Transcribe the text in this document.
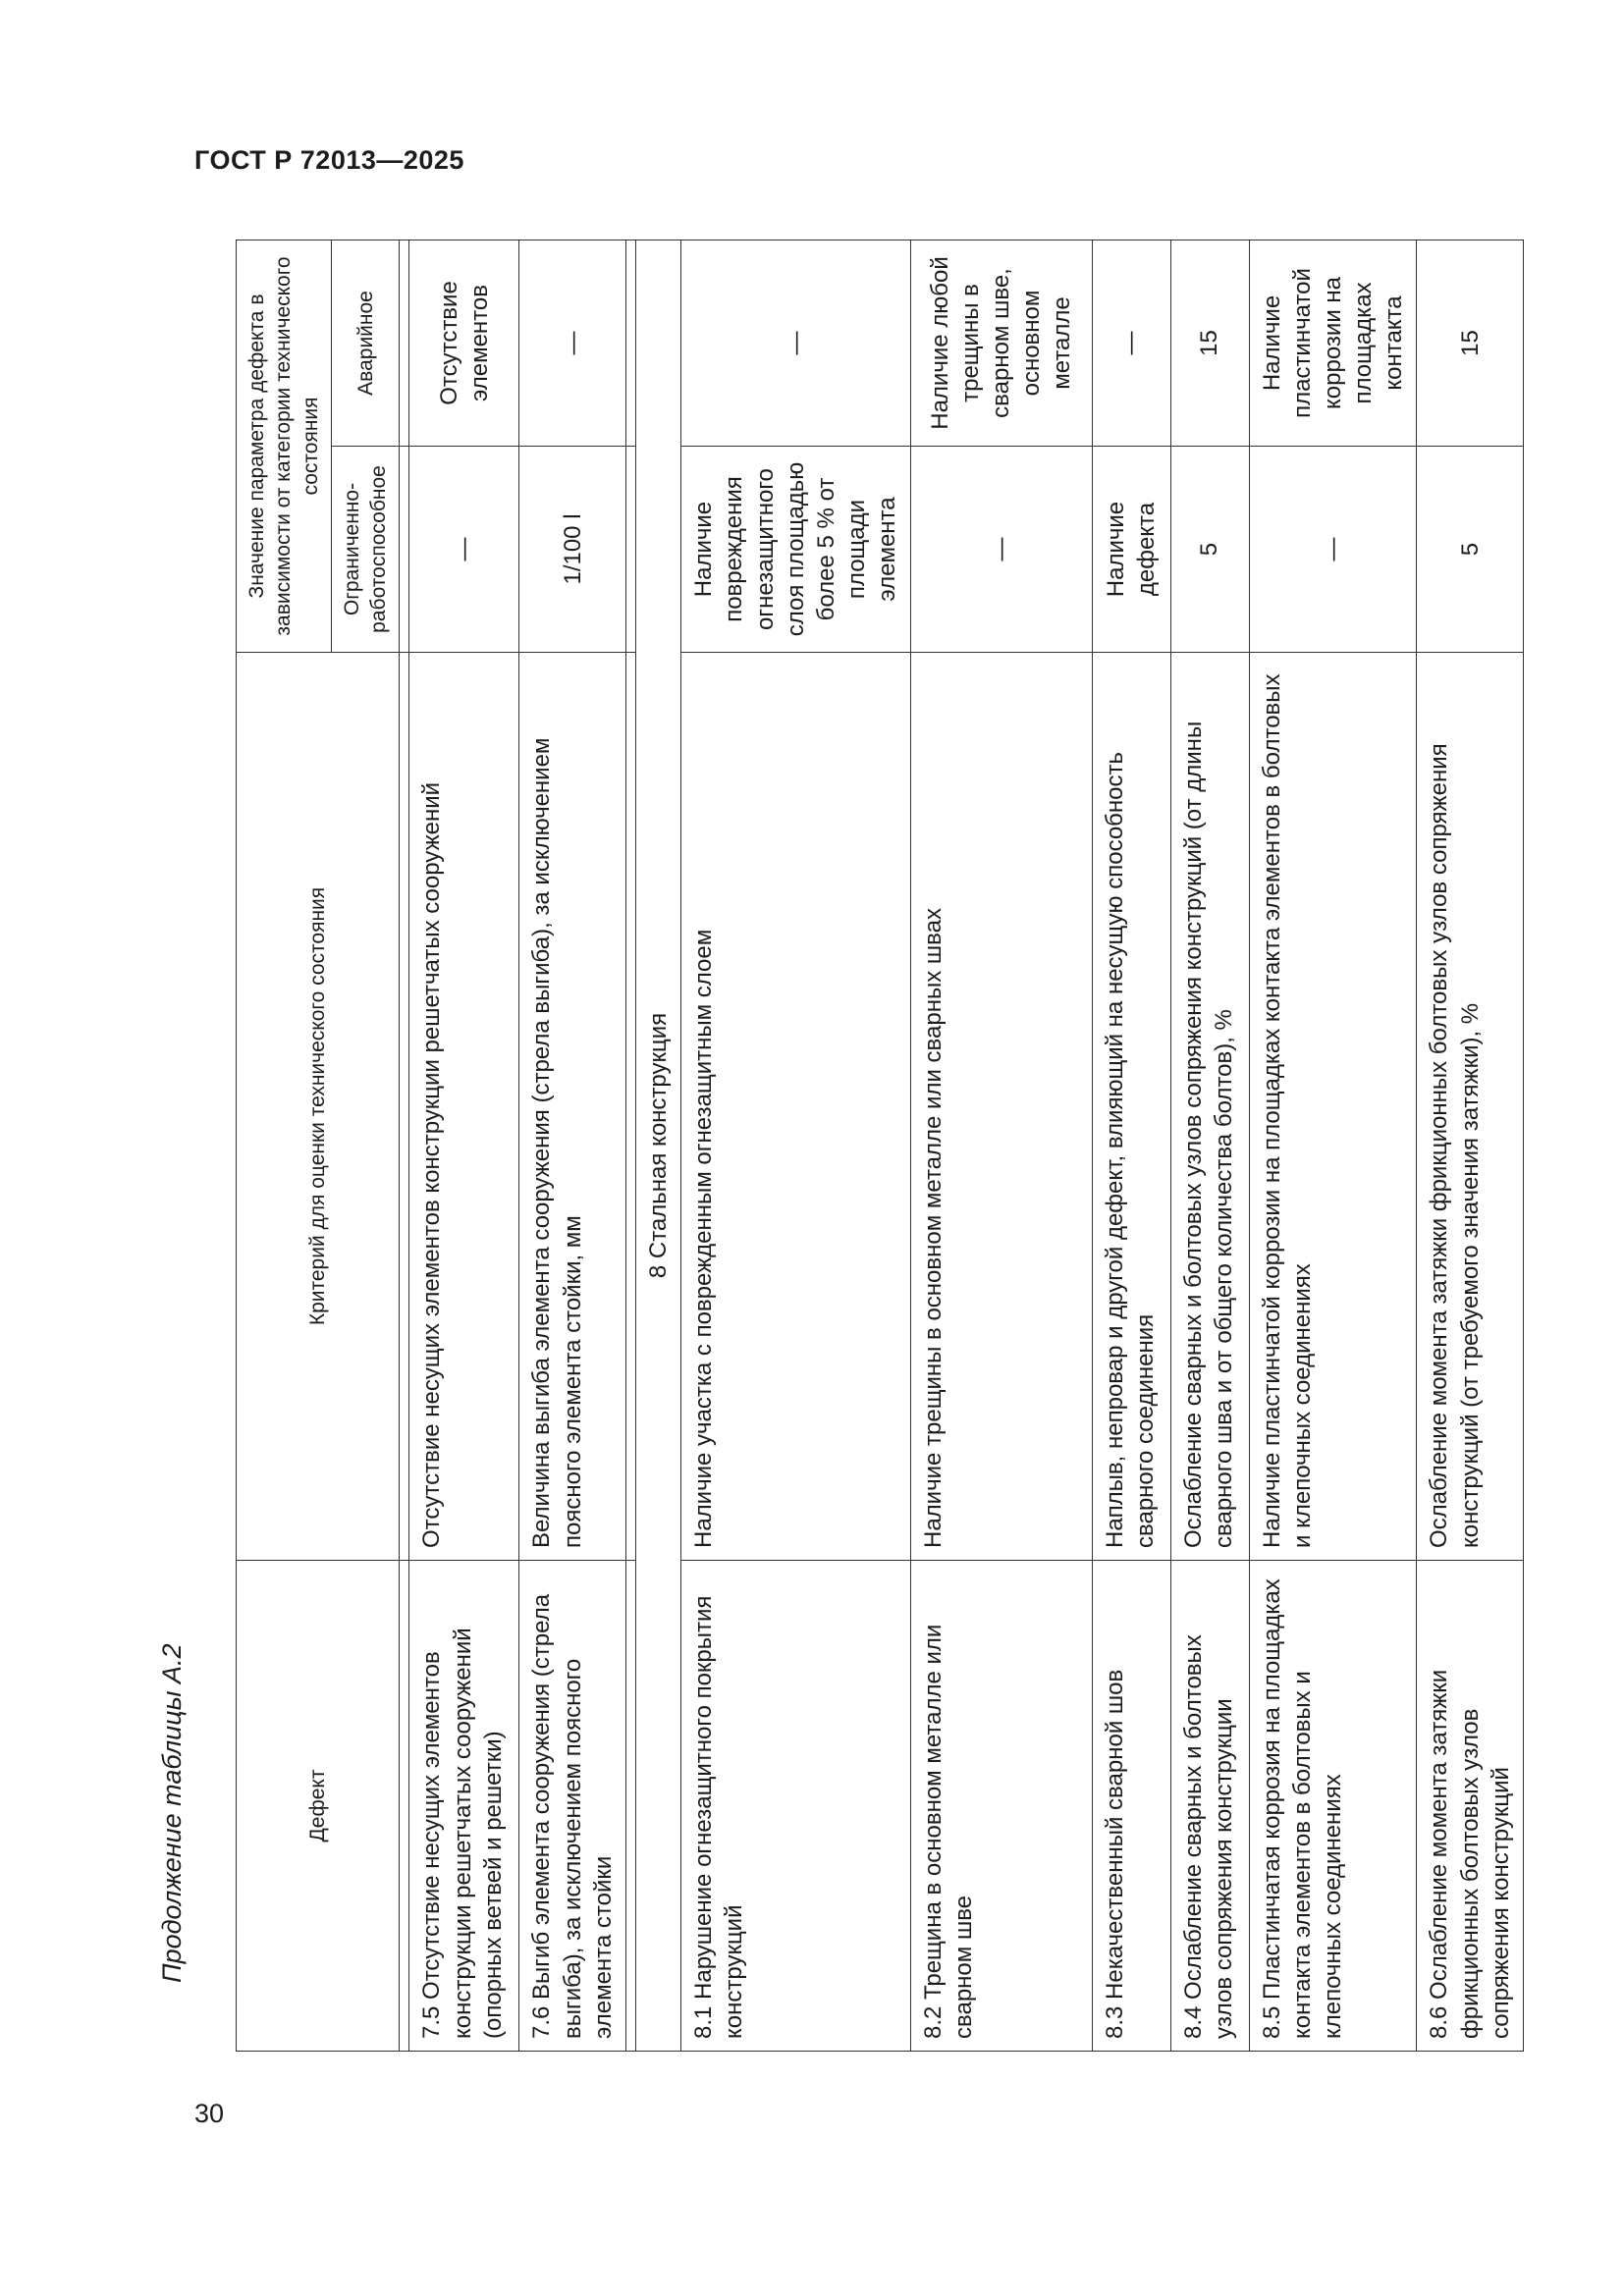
ГОСТ Р 72013—2025
30
Продолжение таблицы А.2	Дефект	Критерий для оценки технического состояния	Значение параметра дефекта в зависимости от категории технического состояния	
		Ограниченно-работоспособное	Аварийное

7.5 Отсутствие несущих элементов конструкции решетчатых сооружений (опорных ветвей и решетки)	Отсутствие несущих элементов конструкции решетчатых сооружений	—	Отсутствие элементов
7.6 Выгиб элемента сооружения (стрела выгиба), за исключением поясного элемента стойки	Величина выгиба элемента сооружения (стрела выгиба), за исключением поясного элемента стойки, мм	1/100 l	—

8 Стальная конструкция			
8.1 Нарушение огнезащитного покрытия конструкций	Наличие участка с поврежденным огнезащитным слоем	Наличие повреждения огнезащитного слоя площадью более 5 % от площади элемента	—
8.2 Трещина в основном металле или сварном шве	Наличие трещины в основном металле или сварных швах	—	Наличие любой трещины в сварном шве, основном металле
8.3 Некачественный сварной шов	Наплыв, непровар и другой дефект, влияющий на несущую способность сварного соединения	Наличие дефекта	—
8.4 Ослабление сварных и болтовых узлов сопряжения конструкции	Ослабление сварных и болтовых узлов сопряжения конструкций (от длины сварного шва и от общего количества болтов), %	5	15
8.5 Пластинчатая коррозия на площадках контакта элементов в болтовых и клепочных соединениях	Наличие пластинчатой коррозии на площадках контакта элементов в болтовых и клепочных соединениях	—	Наличие пластинчатой коррозии на площадках контакта
8.6 Ослабление момента затяжки фрикционных болтовых узлов сопряжения конструкций	Ослабление момента затяжки фрикционных болтовых узлов сопряжения конструкций (от требуемого значения затяжки), %	5	15
